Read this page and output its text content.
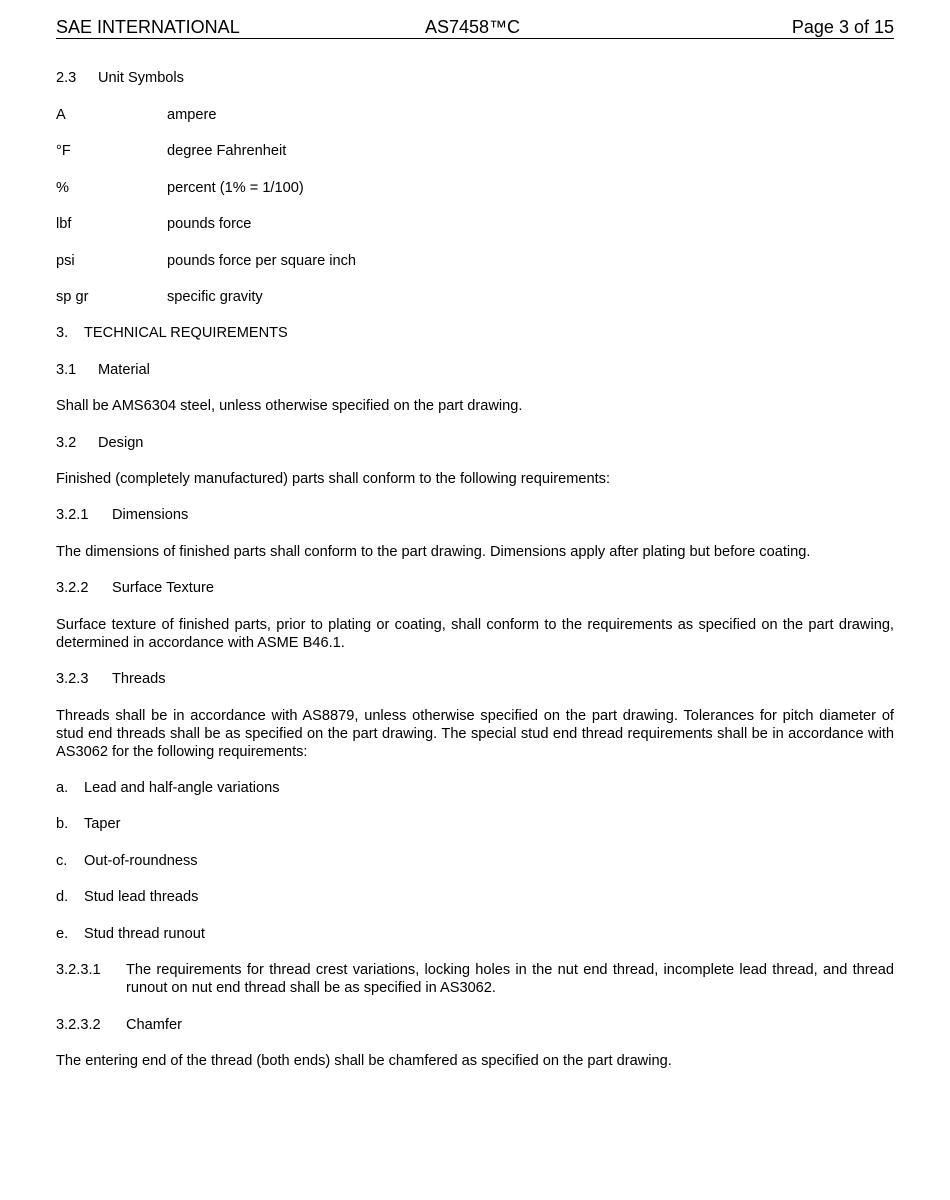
SAE INTERNATIONAL	AS7458™C	Page 3 of 15

2.3 Unit Symbols

A	ampere
°F	degree Fahrenheit
%	percent (1% = 1/100)
lbf	pounds force
psi	pounds force per square inch
sp gr	specific gravity

3. TECHNICAL REQUIREMENTS

3.1 Material

Shall be AMS6304 steel, unless otherwise specified on the part drawing.

3.2 Design

Finished (completely manufactured) parts shall conform to the following requirements:

3.2.1 Dimensions

The dimensions of finished parts shall conform to the part drawing. Dimensions apply after plating but before coating.

3.2.2 Surface Texture

Surface texture of finished parts, prior to plating or coating, shall conform to the requirements as specified on the part drawing, determined in accordance with ASME B46.1.

3.2.3 Threads

Threads shall be in accordance with AS8879, unless otherwise specified on the part drawing. Tolerances for pitch diameter of stud end threads shall be as specified on the part drawing. The special stud end thread requirements shall be in accordance with AS3062 for the following requirements:

a. Lead and half-angle variations

b. Taper

c. Out-of-roundness

d. Stud lead threads

e. Stud thread runout

3.2.3.1 The requirements for thread crest variations, locking holes in the nut end thread, incomplete lead thread, and thread runout on nut end thread shall be as specified in AS3062.

3.2.3.2 Chamfer

The entering end of the thread (both ends) shall be chamfered as specified on the part drawing.
